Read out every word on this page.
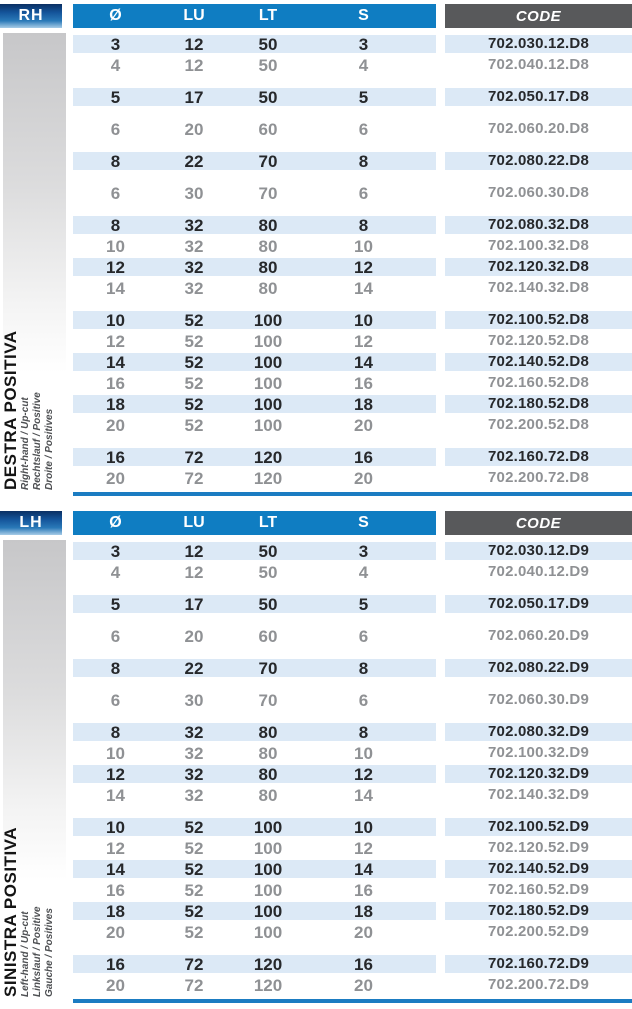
RH	Ø	LU	LT	S	CODE
DESTRA POSITIVA Right-hand / Up-cut Rechtslauf / Positive Droite / Positives
3	12	50	3	702.030.12.D8
4	12	50	4	702.040.12.D8
5	17	50	5	702.050.17.D8
6	20	60	6	702.060.20.D8
8	22	70	8	702.080.22.D8
6	30	70	6	702.060.30.D8
8	32	80	8	702.080.32.D8
10	32	80	10	702.100.32.D8
12	32	80	12	702.120.32.D8
14	32	80	14	702.140.32.D8
10	52	100	10	702.100.52.D8
12	52	100	12	702.120.52.D8
14	52	100	14	702.140.52.D8
16	52	100	16	702.160.52.D8
18	52	100	18	702.180.52.D8
20	52	100	20	702.200.52.D8
16	72	120	16	702.160.72.D8
20	72	120	20	702.200.72.D8
LH	Ø	LU	LT	S	CODE
SINISTRA POSITIVA Left-hand / Up-cut Linkslauf / Positive Gauche / Positives
3	12	50	3	702.030.12.D9
4	12	50	4	702.040.12.D9
5	17	50	5	702.050.17.D9
6	20	60	6	702.060.20.D9
8	22	70	8	702.080.22.D9
6	30	70	6	702.060.30.D9
8	32	80	8	702.080.32.D9
10	32	80	10	702.100.32.D9
12	32	80	12	702.120.32.D9
14	32	80	14	702.140.32.D9
10	52	100	10	702.100.52.D9
12	52	100	12	702.120.52.D9
14	52	100	14	702.140.52.D9
16	52	100	16	702.160.52.D9
18	52	100	18	702.180.52.D9
20	52	100	20	702.200.52.D9
16	72	120	16	702.160.72.D9
20	72	120	20	702.200.72.D9
